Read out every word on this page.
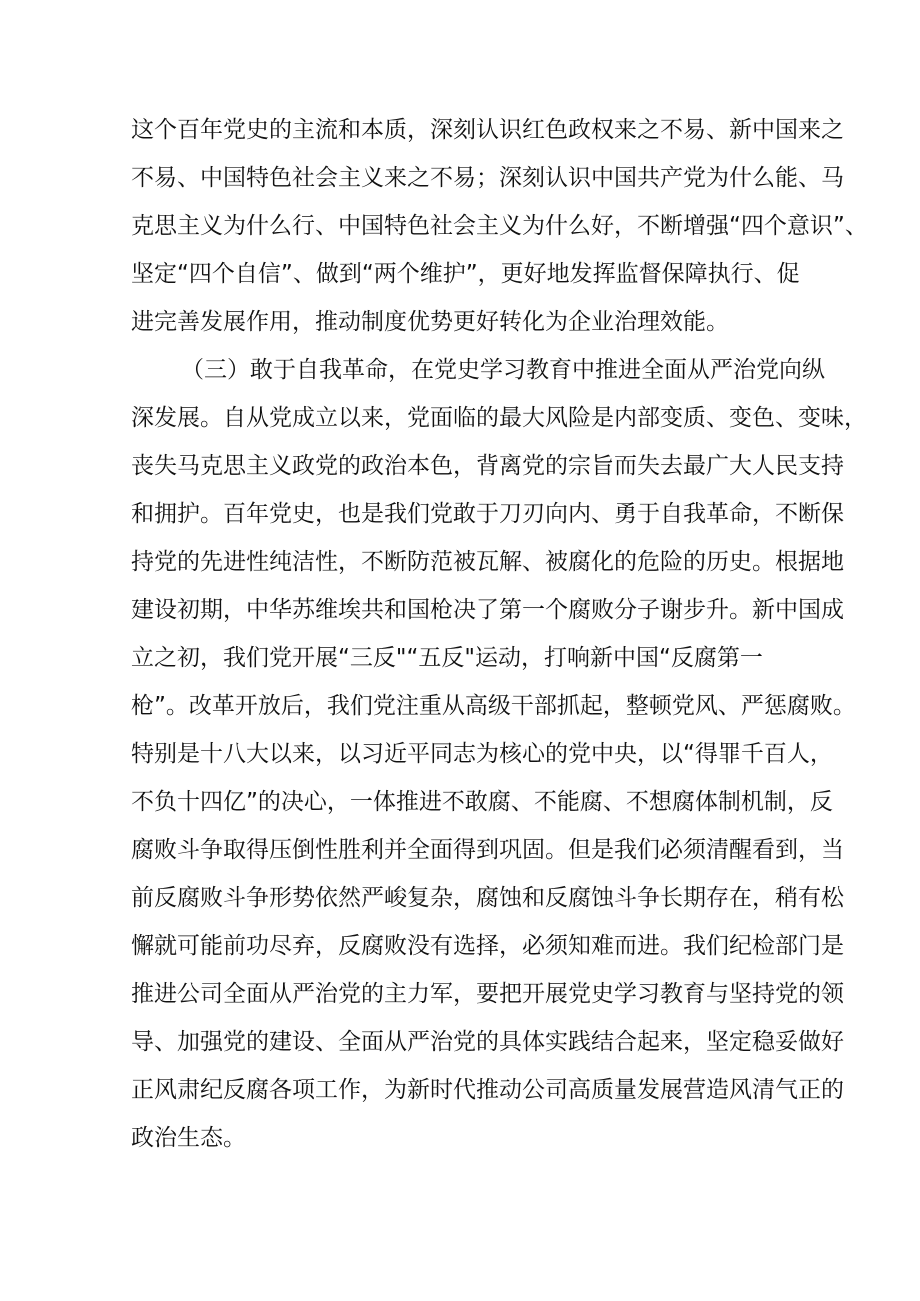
这个百年党史的主流和本质，深刻认识红色政权来之不易、新中国来之
不易、中国特色社会主义来之不易；深刻认识中国共产党为什么能、马
克思主义为什么行、中国特色社会主义为什么好，不断增强“四个意识”、
坚定“四个自信”、做到“两个维护”，更好地发挥监督保障执行、促
进完善发展作用，推动制度优势更好转化为企业治理效能。
（三）敢于自我革命，在党史学习教育中推进全面从严治党向纵
深发展。自从党成立以来，党面临的最大风险是内部变质、变色、变味，
丧失马克思主义政党的政治本色，背离党的宗旨而失去最广大人民支持
和拥护。百年党史，也是我们党敢于刀刃向内、勇于自我革命，不断保
持党的先进性纯洁性，不断防范被瓦解、被腐化的危险的历史。根据地
建设初期，中华苏维埃共和国枪决了第一个腐败分子谢步升。新中国成
立之初，我们党开展“三反"“五反"运动，打响新中国“反腐第一
枪”。改革开放后，我们党注重从高级干部抓起，整顿党风、严惩腐败。
特别是十八大以来，以习近平同志为核心的党中央，以“得罪千百人，
不负十四亿”的决心，一体推进不敢腐、不能腐、不想腐体制机制，反
腐败斗争取得压倒性胜利并全面得到巩固。但是我们必须清醒看到，当
前反腐败斗争形势依然严峻复杂，腐蚀和反腐蚀斗争长期存在，稍有松
懈就可能前功尽弃，反腐败没有选择，必须知难而进。我们纪检部门是
推进公司全面从严治党的主力军，要把开展党史学习教育与坚持党的领
导、加强党的建设、全面从严治党的具体实践结合起来，坚定稳妥做好
正风肃纪反腐各项工作，为新时代推动公司高质量发展营造风清气正的
政治生态。
